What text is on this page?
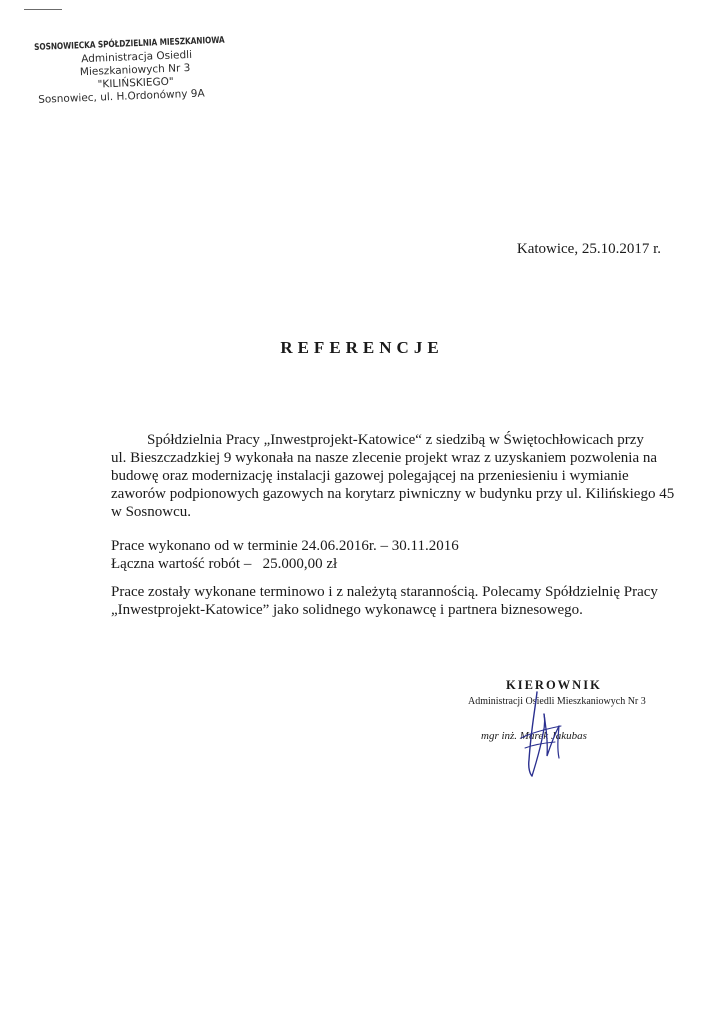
SOSNOWIECKA SPÓŁDZIELNIA MIESZKANIOWA
Administracja Osiedli
Mieszkaniowych Nr 3
"KILIŃSKIEGO"
Sosnowiec, ul. H.Ordonówny 9A
Katowice, 25.10.2017 r.
REFERENCJE
Spółdzielnia Pracy „Inwestprojekt-Katowice“ z siedzibą w Świętochłowicach przy
ul. Bieszczadzkiej 9 wykonała na nasze zlecenie projekt wraz z uzyskaniem pozwolenia na
budowę oraz modernizację instalacji gazowej polegającej na przeniesieniu i wymianie
zaworów podpionowych gazowych na korytarz piwniczny w budynku przy ul. Kilińskiego 45
w Sosnowcu.
Prace wykonano od w terminie 24.06.2016r. – 30.11.2016
Łączna wartość robót –   25.000,00 zł
Prace zostały wykonane terminowo i z należytą starannością. Polecamy Spółdzielnię Pracy
„Inwestprojekt-Katowice” jako solidnego wykonawcę i partnera biznesowego.
KIEROWNIK
Administracji Osiedli Mieszkaniowych Nr 3
mgr inż. Marek Jakubas
